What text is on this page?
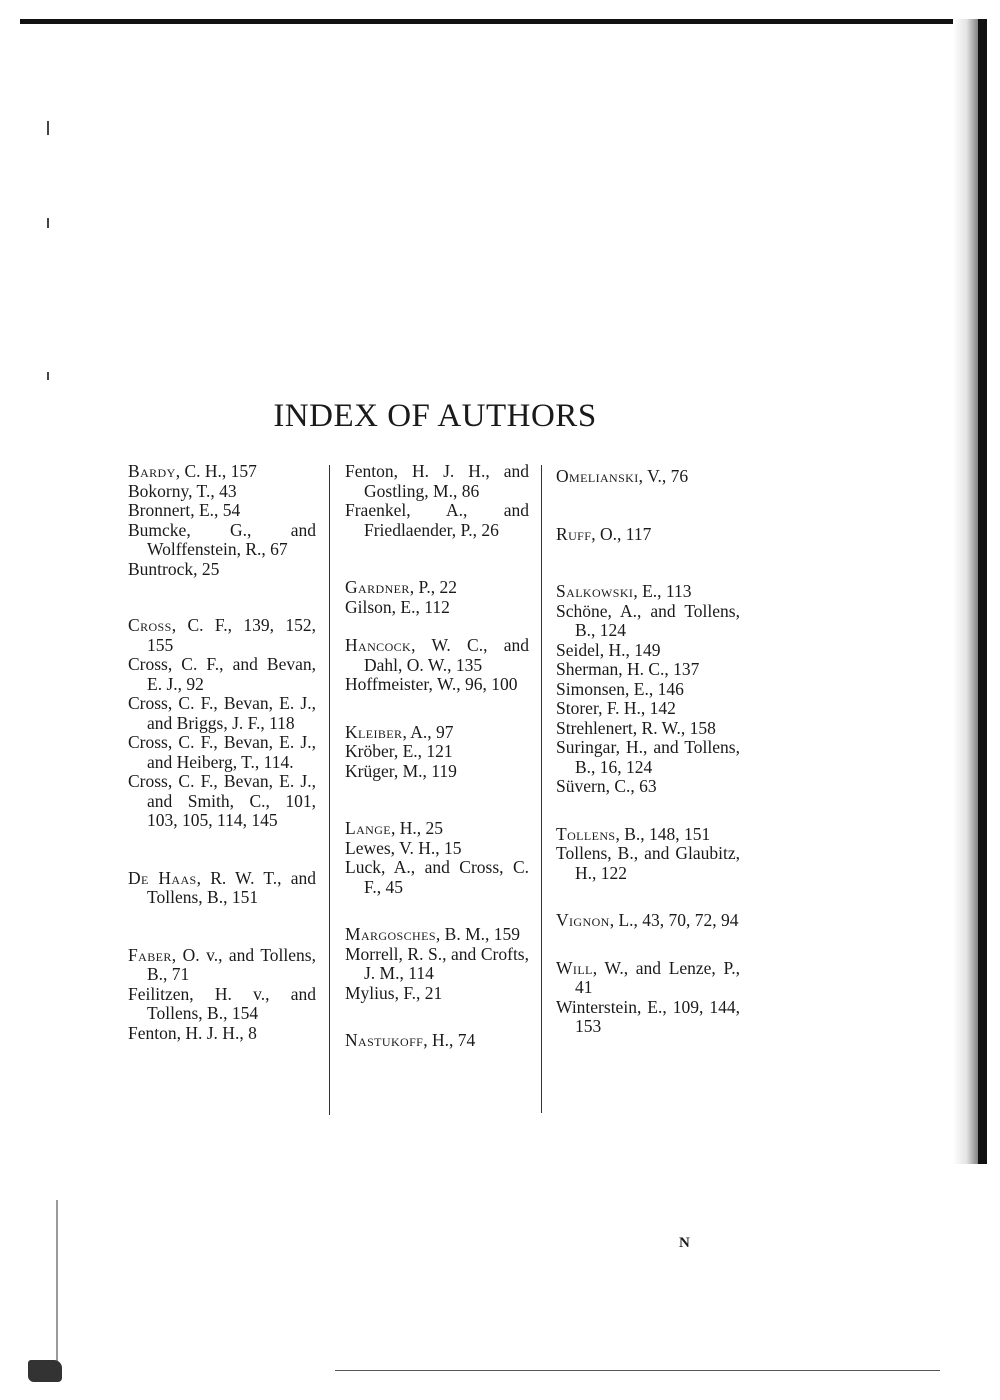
INDEX OF AUTHORS
Bardy, C. H., 157
Bokorny, T., 43
Bronnert, E., 54
Bumcke, G., and Wolffenstein, R., 67
Buntrock, 25
Cross, C. F., 139, 152, 155
Cross, C. F., and Bevan, E. J., 92
Cross, C. F., Bevan, E. J., and Briggs, J. F., 118
Cross, C. F., Bevan, E. J., and Heiberg, T., 114.
Cross, C. F., Bevan, E. J., and Smith, C., 101, 103, 105, 114, 145
De Haas, R. W. T., and Tollens, B., 151
Faber, O. v., and Tollens, B., 71
Feilitzen, H. v., and Tollens, B., 154
Fenton, H. J. H., 8
Fenton, H. J. H., and Gostling, M., 86
Fraenkel, A., and Friedlaender, P., 26
Gardner, P., 22
Gilson, E., 112
Hancock, W. C., and Dahl, O. W., 135
Hoffmeister, W., 96, 100
Kleiber, A., 97
Kröber, E., 121
Krüger, M., 119
Lange, H., 25
Lewes, V. H., 15
Luck, A., and Cross, C. F., 45
Margosches, B. M., 159
Morrell, R. S., and Crofts, J. M., 114
Mylius, F., 21
Nastukoff, H., 74
Omelianski, V., 76
Ruff, O., 117
Salkowski, E., 113
Schöne, A., and Tollens, B., 124
Seidel, H., 149
Sherman, H. C., 137
Simonsen, E., 146
Storer, F. H., 142
Strehlenert, R. W., 158
Suringar, H., and Tollens, B., 16, 124
Süvern, C., 63
Tollens, B., 148, 151
Tollens, B., and Glaubitz, H., 122
Vignon, L., 43, 70, 72, 94
Will, W., and Lenze, P., 41
Winterstein, E., 109, 144, 153
N
